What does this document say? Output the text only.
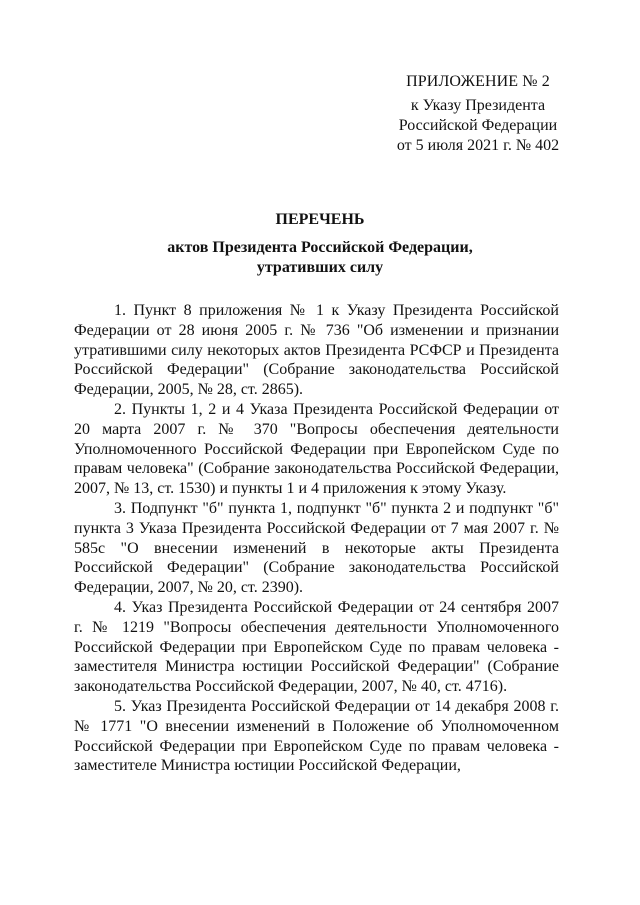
ПРИЛОЖЕНИЕ № 2
к Указу Президента
Российской Федерации
от 5 июля 2021 г. № 402
ПЕРЕЧЕНЬ
актов Президента Российской Федерации,
утративших силу

1. Пункт 8 приложения № 1 к Указу Президента Российской Федерации от 28 июня 2005 г. № 736 "Об изменении и признании утратившими силу некоторых актов Президента РСФСР и Президента Российской Федерации" (Собрание законодательства Российской Федерации, 2005, № 28, ст. 2865).

2. Пункты 1, 2 и 4 Указа Президента Российской Федерации от 20 марта 2007 г. № 370 "Вопросы обеспечения деятельности Уполномоченного Российской Федерации при Европейском Суде по правам человека" (Собрание законодательства Российской Федерации, 2007, № 13, ст. 1530) и пункты 1 и 4 приложения к этому Указу.

3. Подпункт "б" пункта 1, подпункт "б" пункта 2 и подпункт "б" пункта 3 Указа Президента Российской Федерации от 7 мая 2007 г. № 585с "О внесении изменений в некоторые акты Президента Российской Федерации" (Собрание законодательства Российской Федерации, 2007, № 20, ст. 2390).

4. Указ Президента Российской Федерации от 24 сентября 2007 г. № 1219 "Вопросы обеспечения деятельности Уполномоченного Российской Федерации при Европейском Суде по правам человека - заместителя Министра юстиции Российской Федерации" (Собрание законодательства Российской Федерации, 2007, № 40, ст. 4716).

5. Указ Президента Российской Федерации от 14 декабря 2008 г. № 1771 "О внесении изменений в Положение об Уполномоченном Российской Федерации при Европейском Суде по правам человека - заместителе Министра юстиции Российской Федерации,
